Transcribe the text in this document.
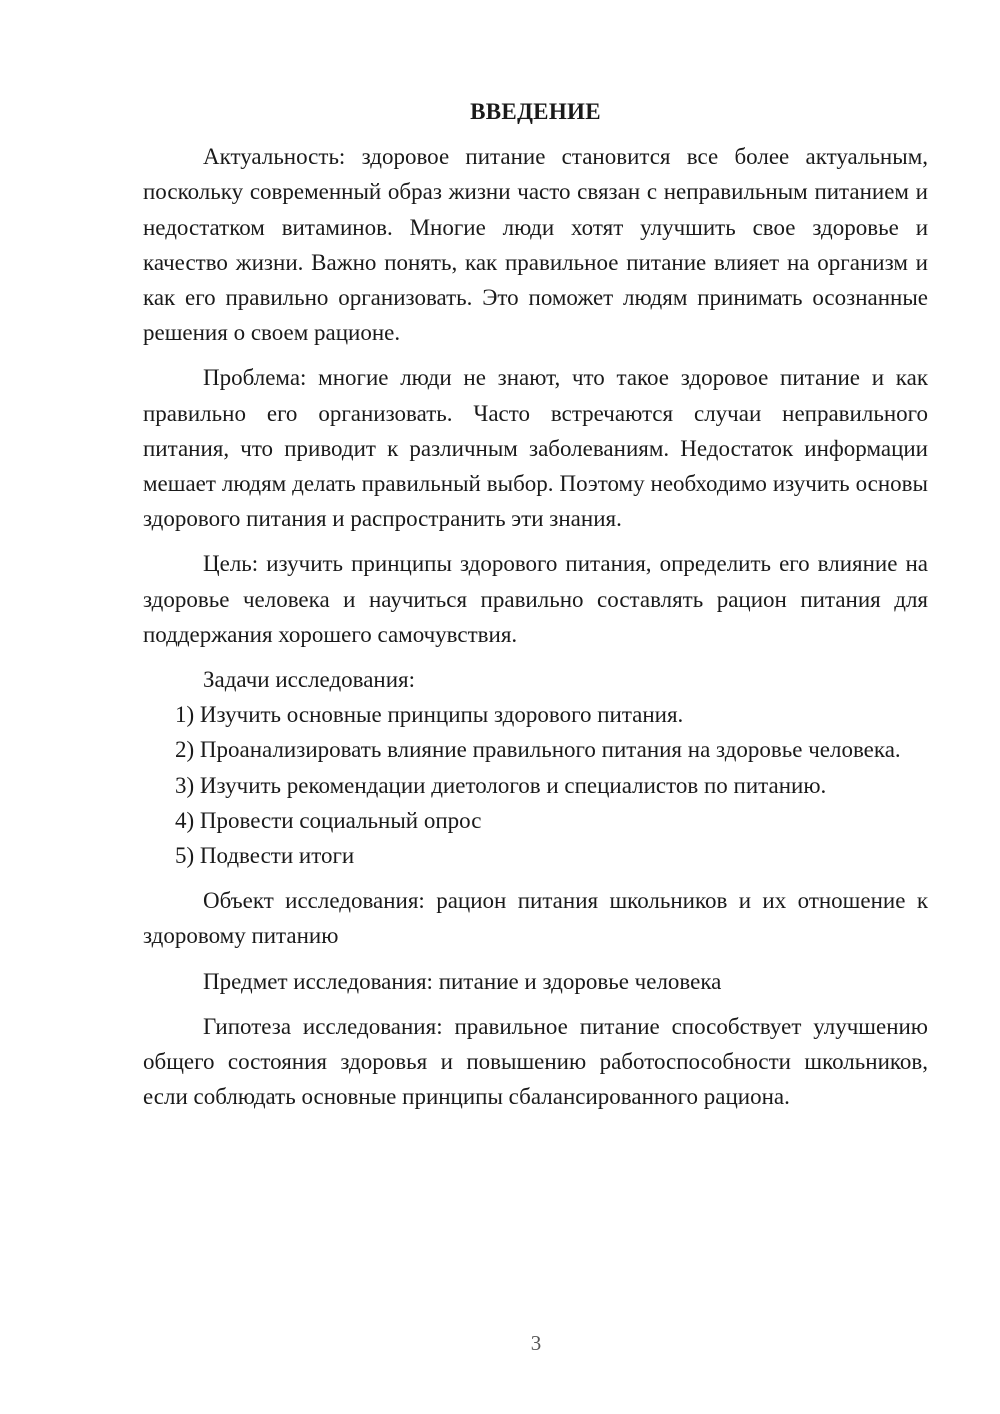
ВВЕДЕНИЕ

Актуальность: здоровое питание становится все более актуальным, поскольку современный образ жизни часто связан с неправильным питанием и недостатком витаминов. Многие люди хотят улучшить свое здоровье и качество жизни. Важно понять, как правильное питание влияет на организм и как его правильно организовать. Это поможет людям принимать осознанные решения о своем рационе.

Проблема: многие люди не знают, что такое здоровое питание и как правильно его организовать. Часто встречаются случаи неправильного питания, что приводит к различным заболеваниям. Недостаток информации мешает людям делать правильный выбор. Поэтому необходимо изучить основы здорового питания и распространить эти знания.

Цель: изучить принципы здорового питания, определить его влияние на здоровье человека и научиться правильно составлять рацион питания для поддержания хорошего самочувствия.

Задачи исследования:

1) Изучить основные принципы здорового питания.

2) Проанализировать влияние правильного питания на здоровье человека.

3) Изучить рекомендации диетологов и специалистов по питанию.

4) Провести социальный опрос

5) Подвести итоги

Объект исследования: рацион питания школьников и их отношение к здоровому питанию

Предмет исследования: питание и здоровье человека

Гипотеза исследования: правильное питание способствует улучшению общего состояния здоровья и повышению работоспособности школьников, если соблюдать основные принципы сбалансированного рациона.

3
